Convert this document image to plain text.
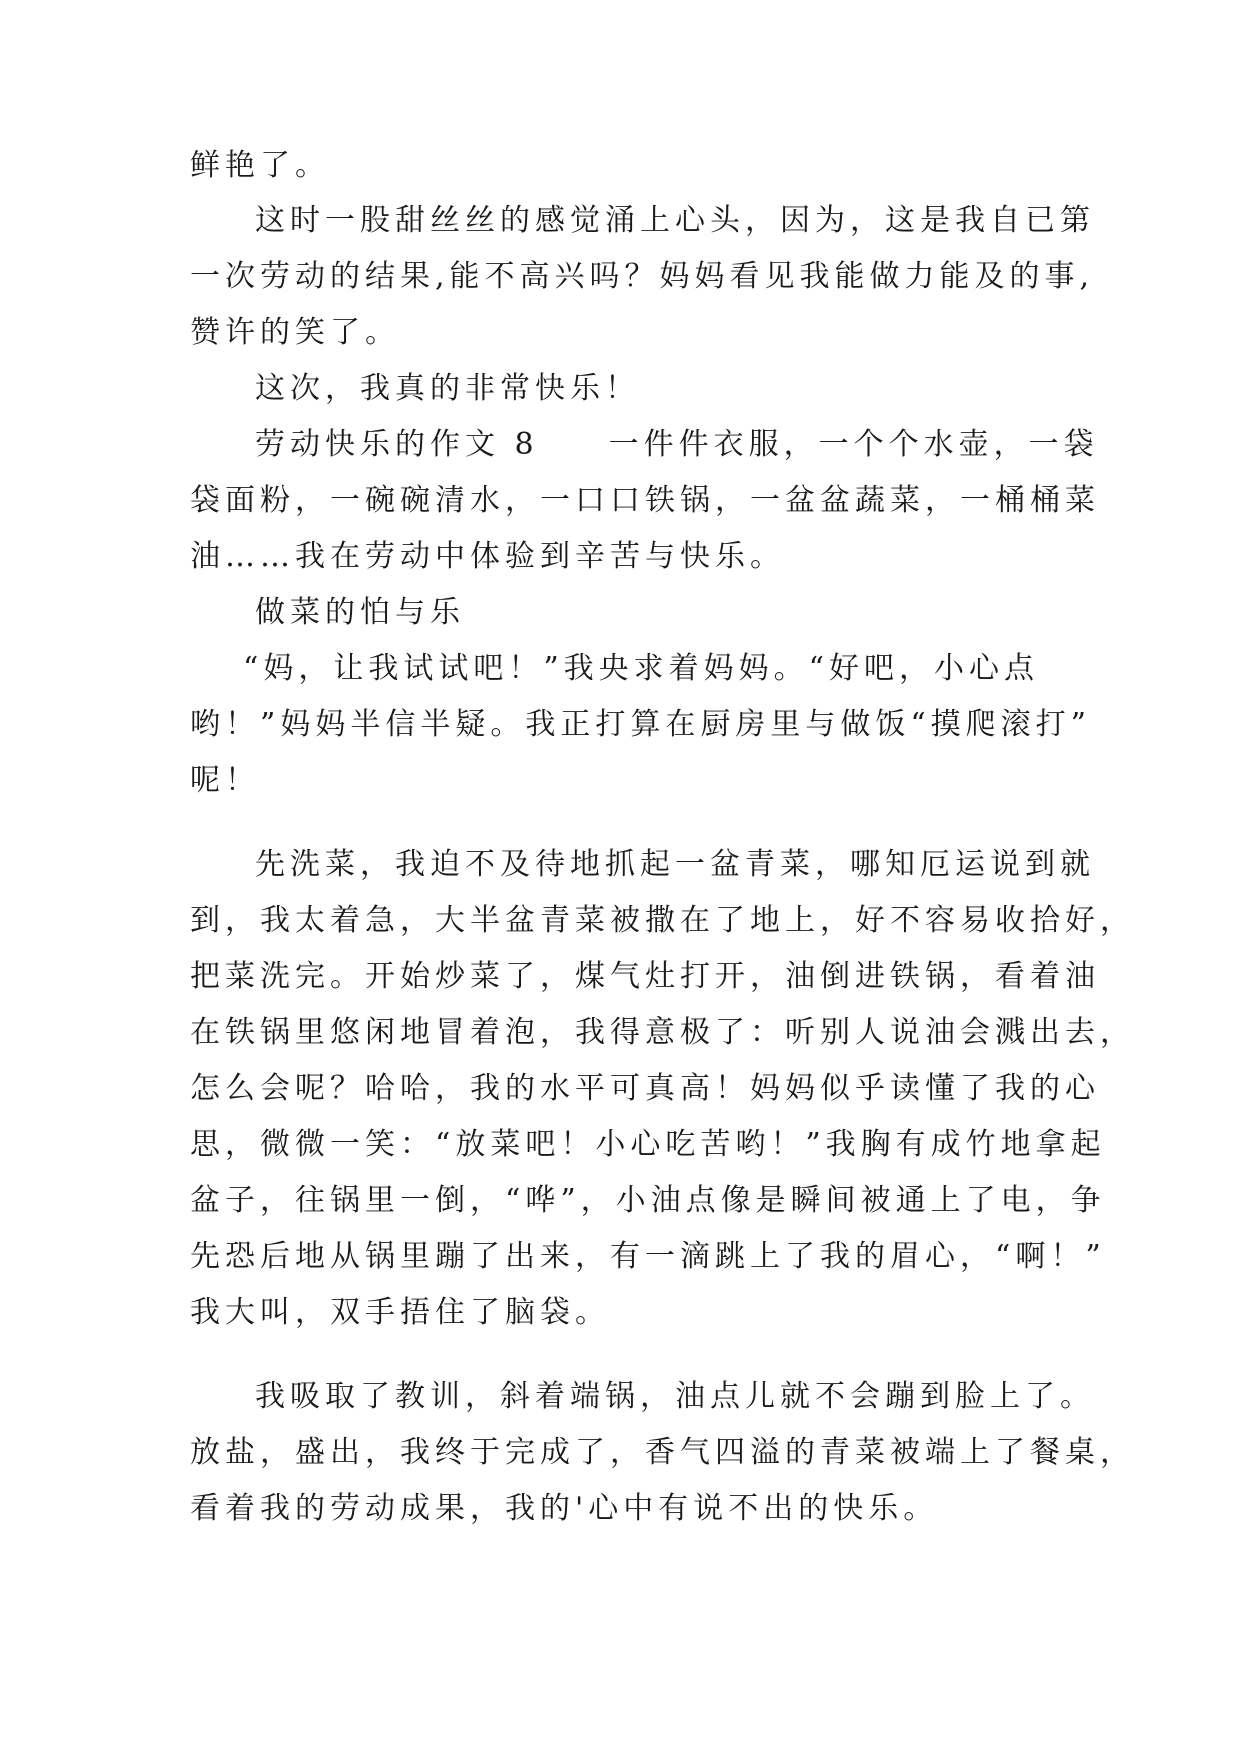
鲜艳了。
这时一股甜丝丝的感觉涌上心头，因为，这是我自已第
一次劳动的结果,能不高兴吗？妈妈看见我能做力能及的事,
赞许的笑了。
这次，我真的非常快乐！
劳动快乐的作文 8　　一件件衣服，一个个水壶，一袋
袋面粉，一碗碗清水，一口口铁锅，一盆盆蔬菜，一桶桶菜
油……我在劳动中体验到辛苦与快乐。
做菜的怕与乐
“妈，让我试试吧！”我央求着妈妈。“好吧，小心点
哟！”妈妈半信半疑。我正打算在厨房里与做饭“摸爬滚打”
呢！
先洗菜，我迫不及待地抓起一盆青菜，哪知厄运说到就
到，我太着急，大半盆青菜被撒在了地上，好不容易收拾好，
把菜洗完。开始炒菜了，煤气灶打开，油倒进铁锅，看着油
在铁锅里悠闲地冒着泡，我得意极了：听别人说油会溅出去，
怎么会呢？哈哈，我的水平可真高！妈妈似乎读懂了我的心
思，微微一笑：“放菜吧！小心吃苦哟！”我胸有成竹地拿起
盆子，往锅里一倒，“哗”，小油点像是瞬间被通上了电，争
先恐后地从锅里蹦了出来，有一滴跳上了我的眉心，“啊！”
我大叫，双手捂住了脑袋。
我吸取了教训，斜着端锅，油点儿就不会蹦到脸上了。
放盐，盛出，我终于完成了，香气四溢的青菜被端上了餐桌，
看着我的劳动成果，我的'心中有说不出的快乐。
